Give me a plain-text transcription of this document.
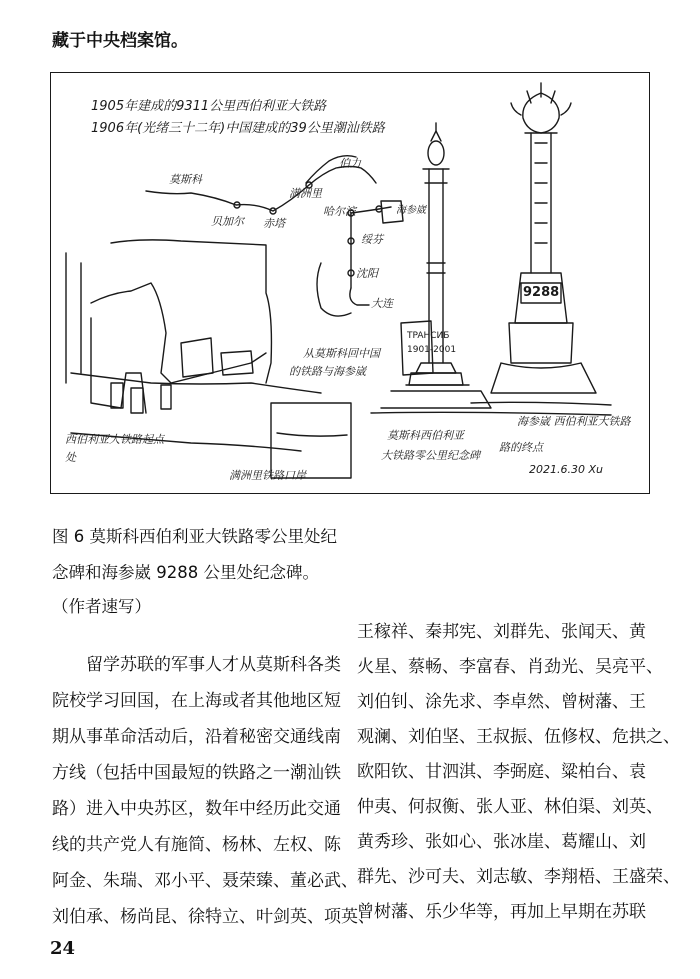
藏于中央档案馆。
1905年建成的9311公里西伯利亚大铁路
1906年(光绪三十二年)中国建成的39公里潮汕铁路
莫斯科
贝加尔 赤塔
满洲里
伯力
哈尔滨	海参崴
绥芬
沈阳
大连
从莫斯科回中国
的铁路与海参崴
TPAHCИБ
1901-2001
9288
西伯利亚大铁路起点
处
满洲里铁路口岸
莫斯科西伯利亚
大铁路零公里纪念碑
路的终点
海参崴 西伯利亚大铁路
2021.6.30 Xu
图 6 莫斯科西伯利亚大铁路零公里处纪
念碑和海参崴 9288 公里处纪念碑。
（作者速写）
留学苏联的军事人才从莫斯科各类
院校学习回国，在上海或者其他地区短
期从事革命活动后，沿着秘密交通线南
方线（包括中国最短的铁路之一潮汕铁
路）进入中央苏区，数年中经历此交通
线的共产党人有施简、杨林、左权、陈
阿金、朱瑞、邓小平、聂荣臻、董必武、
刘伯承、杨尚昆、徐特立、叶剑英、项英、
王稼祥、秦邦宪、刘群先、张闻天、黄
火星、蔡畅、李富春、肖劲光、吴亮平、
刘伯钊、涂先求、李卓然、曾树藩、王
观澜、刘伯坚、王叔振、伍修权、危拱之、
欧阳钦、甘泗淇、李弼庭、粱柏台、袁
仲夷、何叔衡、张人亚、林伯渠、刘英、
黄秀珍、张如心、张冰崖、葛耀山、刘
群先、沙可夫、刘志敏、李翔梧、王盛荣、
曾树藩、乐少华等，再加上早期在苏联
24
